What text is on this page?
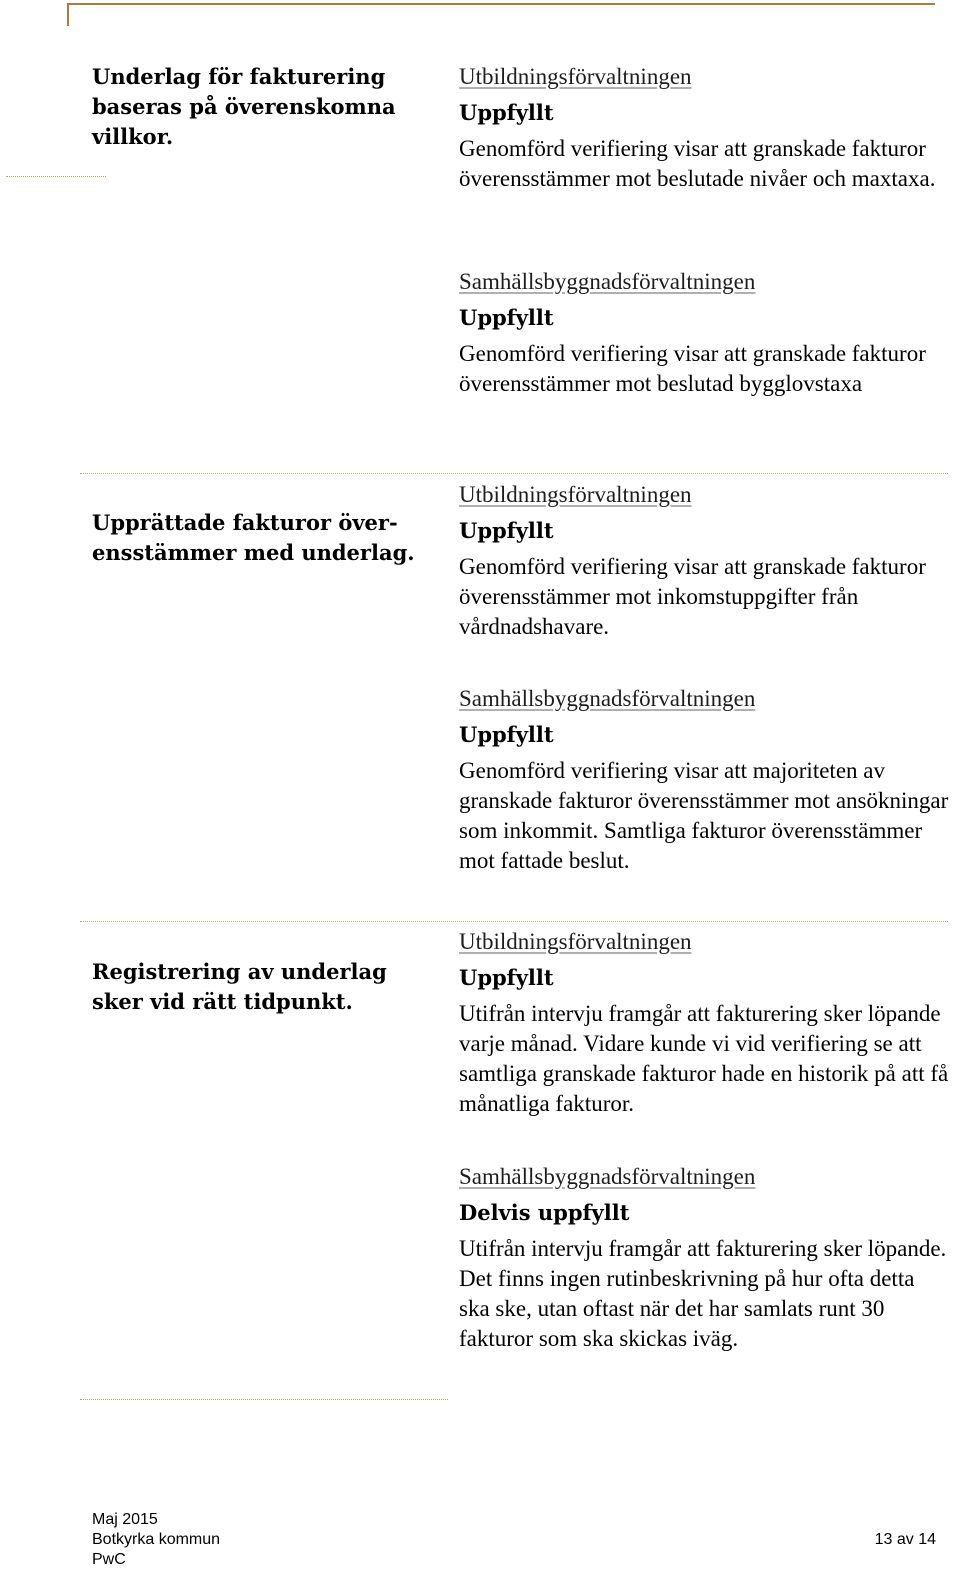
Underlag för fakturering baseras på överenskomna villkor.

Utbildningsförvaltningen
Uppfyllt
Genomförd verifiering visar att granskade fakturor överensstämmer mot beslutade nivåer och maxtaxa.
Samhällsbyggnadsförvaltningen
Uppfyllt
Genomförd verifiering visar att granskade fakturor överensstämmer mot beslutad bygglovstaxa

Upprättade fakturor överensstämmer med underlag.

Utbildningsförvaltningen
Uppfyllt
Genomförd verifiering visar att granskade fakturor överensstämmer mot inkomstuppgifter från vårdnadshavare.
Samhällsbyggnadsförvaltningen
Uppfyllt
Genomförd verifiering visar att majoriteten av granskade fakturor överensstämmer mot ansökningar som inkommit. Samtliga fakturor överensstämmer mot fattade beslut.

Registrering av underlag sker vid rätt tidpunkt.

Utbildningsförvaltningen
Uppfyllt
Utifrån intervju framgår att fakturering sker löpande varje månad. Vidare kunde vi vid verifiering se att samtliga granskade fakturor hade en historik på att få månatliga fakturor.
Samhällsbyggnadsförvaltningen
Delvis uppfyllt
Utifrån intervju framgår att fakturering sker löpande. Det finns ingen rutinbeskrivning på hur ofta detta ska ske, utan oftast när det har samlats runt 30 fakturor som ska skickas iväg.
Maj 2015
Botkyrka kommun
PwC
13 av 14
